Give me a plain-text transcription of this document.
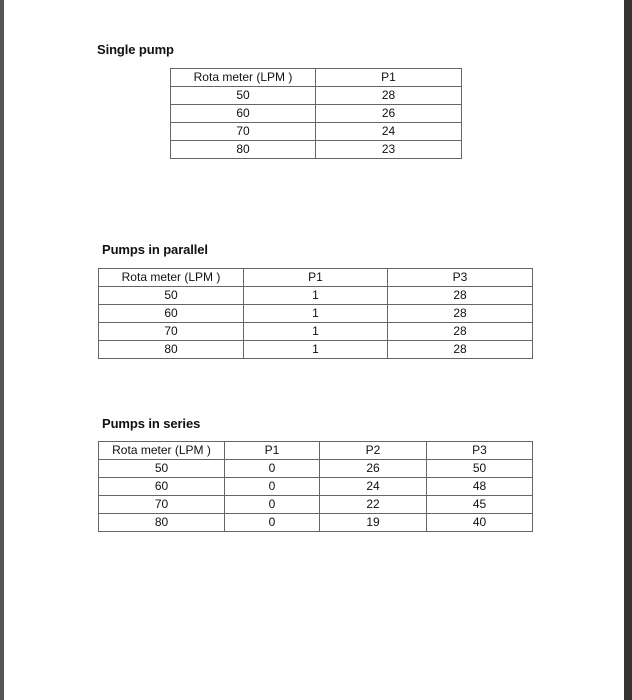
Single pump
Rota meter (LPM )	P1
50	28
60	26
70	24
80	23
Pumps in parallel
Rota meter (LPM )	P1	P3
50	1	28
60	1	28
70	1	28
80	1	28
Pumps in series
Rota meter (LPM )	P1	P2	P3
50	0	26	50
60	0	24	48
70	0	22	45
80	0	19	40
